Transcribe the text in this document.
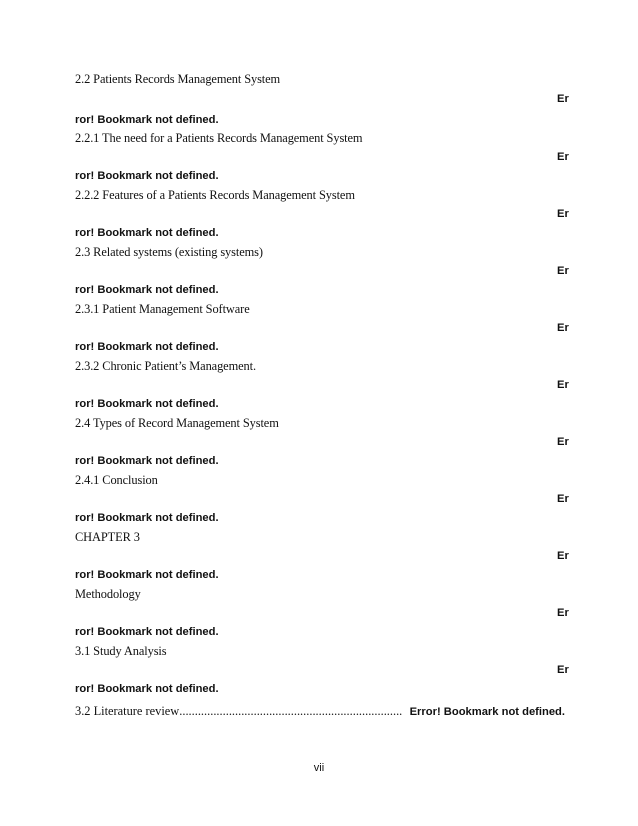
2.2 Patients Records Management System
Er
ror! Bookmark not defined.
2.2.1 The need for a Patients Records Management System
Er
ror! Bookmark not defined.
2.2.2 Features of a Patients Records Management System
Er
ror! Bookmark not defined.
2.3 Related systems (existing systems)
Er
ror! Bookmark not defined.
2.3.1 Patient Management Software
Er
ror! Bookmark not defined.
2.3.2 Chronic Patient’s Management.
Er
ror! Bookmark not defined.
2.4 Types of Record Management System
Er
ror! Bookmark not defined.
2.4.1 Conclusion
Er
ror! Bookmark not defined.
CHAPTER 3
Er
ror! Bookmark not defined.
Methodology
Er
ror! Bookmark not defined.
3.1 Study Analysis
Er
ror! Bookmark not defined.
3.2 Literature review ........................................................................ Error! Bookmark not defined.
vii
